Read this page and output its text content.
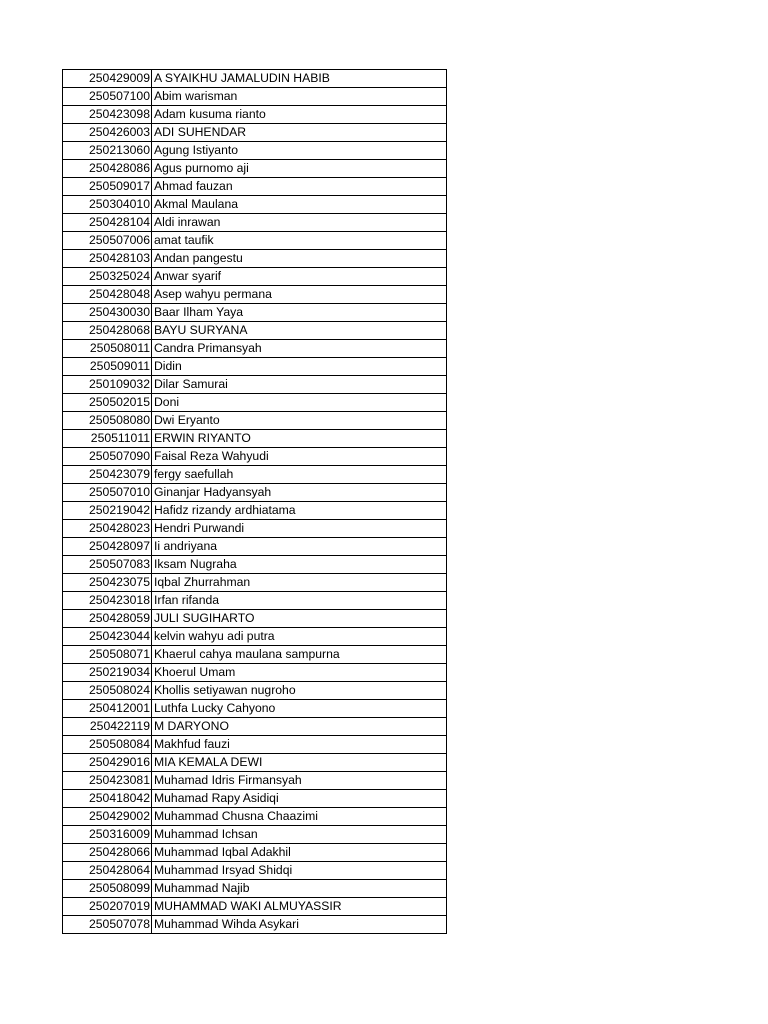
250429009	A SYAIKHU JAMALUDIN HABIB
250507100	Abim warisman
250423098	Adam kusuma rianto
250426003	ADI SUHENDAR
250213060	Agung Istiyanto
250428086	Agus purnomo aji
250509017	Ahmad fauzan
250304010	Akmal Maulana
250428104	Aldi inrawan
250507006	amat taufik
250428103	Andan pangestu
250325024	Anwar syarif
250428048	Asep wahyu permana
250430030	Baar Ilham Yaya
250428068	BAYU SURYANA
250508011	Candra Primansyah
250509011	Didin
250109032	Dilar Samurai
250502015	Doni
250508080	Dwi Eryanto
250511011	ERWIN RIYANTO
250507090	Faisal Reza Wahyudi
250423079	fergy saefullah
250507010	Ginanjar Hadyansyah
250219042	Hafidz rizandy ardhiatama
250428023	Hendri Purwandi
250428097	Ii andriyana
250507083	Iksam Nugraha
250423075	Iqbal Zhurrahman
250423018	Irfan rifanda
250428059	JULI SUGIHARTO
250423044	kelvin wahyu adi putra
250508071	Khaerul cahya maulana sampurna
250219034	Khoerul Umam
250508024	Khollis setiyawan nugroho
250412001	Luthfa Lucky Cahyono
250422119	M DARYONO
250508084	Makhfud fauzi
250429016	MIA KEMALA DEWI
250423081	Muhamad Idris Firmansyah
250418042	Muhamad Rapy Asidiqi
250429002	Muhammad Chusna Chaazimi
250316009	Muhammad Ichsan
250428066	Muhammad Iqbal Adakhil
250428064	Muhammad Irsyad Shidqi
250508099	Muhammad Najib
250207019	MUHAMMAD WAKI ALMUYASSIR
250507078	Muhammad Wihda Asykari
